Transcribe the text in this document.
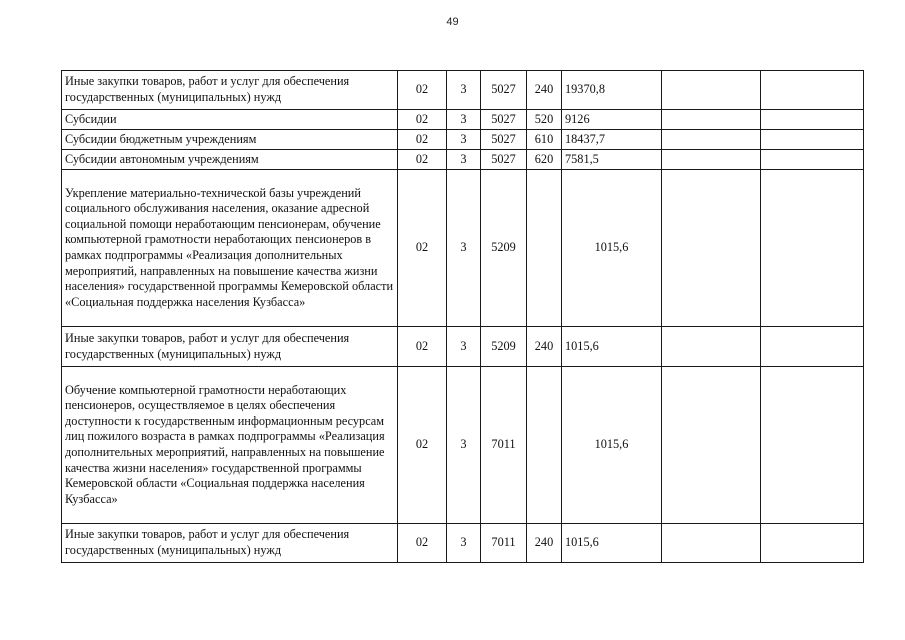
49
Иные закупки товаров, работ и услуг для обеспечения государственных (муниципальных) нужд	02	3	5027	240	19370,8		
Субсидии	02	3	5027	520	9126		
Субсидии бюджетным учреждениям	02	3	5027	610	18437,7		
Субсидии автономным учреждениям	02	3	5027	620	7581,5		
Укрепление материально-технической базы учреждений социального обслуживания населения, оказание адресной социальной помощи неработающим пенсионерам, обучение компьютерной грамотности неработающих пенсионеров в рамках подпрограммы «Реализация дополнительных мероприятий, направленных на повышение качества жизни населения» государственной программы Кемеровской области «Социальная поддержка населения Кузбасса»	02	3	5209		1015,6		
Иные закупки товаров, работ и услуг для обеспечения государственных (муниципальных) нужд	02	3	5209	240	1015,6		
Обучение компьютерной грамотности неработающих пенсионеров, осуществляемое в целях обеспечения доступности к государственным информационным ресурсам лиц пожилого возраста в рамках подпрограммы «Реализация дополнительных мероприятий, направленных на повышение качества жизни населения» государственной программы Кемеровской области «Социальная поддержка населения Кузбасса»	02	3	7011		1015,6		
Иные закупки товаров, работ и услуг для обеспечения государственных (муниципальных) нужд	02	3	7011	240	1015,6		
